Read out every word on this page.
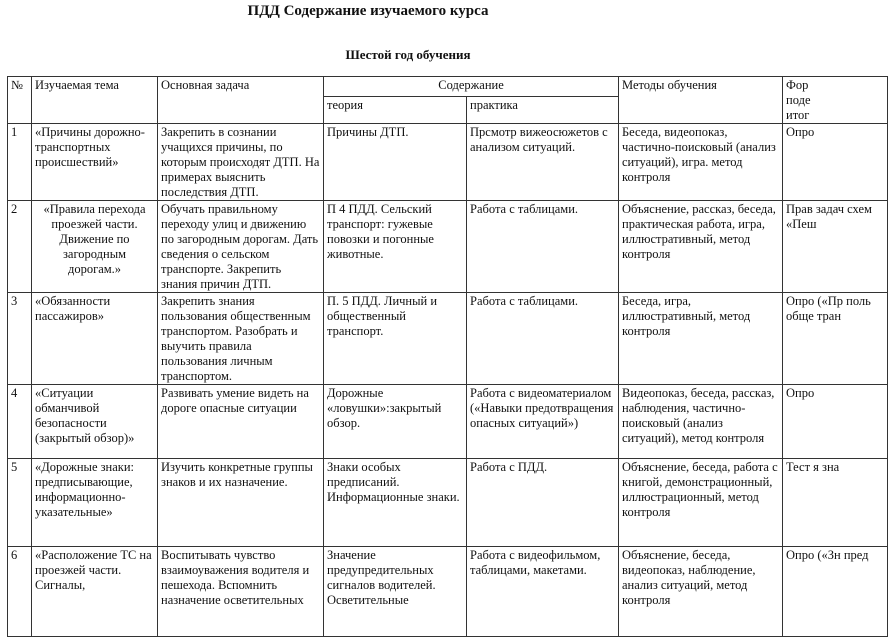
ПДД Содержание изучаемого курса
Шестой год обучения
№	Изучаемая тема	Основная задача	Содержание		Методы обучения	Фор
поде
итог

			теория	практика		
1	«Причины дорожно-транспортных происшествий»	Закрепить в сознании учащихся причины, по которым происходят ДТП. На примерах выяснить последствия ДТП.	Причины ДТП.	Прсмотр вижеосюжетов с анализом ситуаций.	Беседа, видеопоказ, частично-поисковый (анализ ситуаций), игра. метод контроля	Опро
2	«Правила перехода проезжей части. Движение по загородным дорогам.»	Обучать правильному переходу улиц и движению по загородным дорогам. Дать сведения о сельском транспорте. Закрепить знания причин ДТП.	П 4 ПДД. Сельский транспорт: гужевые повозки и погонные животные.	Работа с таблицами.	Объяснение, рассказ, беседа, практическая работа, игра, иллюстративный, метод контроля	Прав задач схем «Пеш
3	«Обязанности пассажиров»	Закрепить знания пользования общественным транспортом. Разобрать и выучить правила пользования личным транспортом.	П. 5 ПДД. Личный и общественный транспорт.	Работа с таблицами.	Беседа, игра, иллюстративный, метод контроля	Опро («Пр поль обще тран
4	«Ситуации обманчивой безопасности (закрытый обзор)»	Развивать умение видеть на дороге опасные ситуации	Дорожные «ловушки»:закрытый обзор.	Работа с видеоматериалом («Навыки предотвращения опасных ситуаций»)	Видеопоказ, беседа, рассказ, наблюдения, частично-поисковый (анализ ситуаций), метод контроля	Опро
5	«Дорожные знаки: предписывающие, информационно-указательные»	Изучить конкретные группы знаков и их назначение.	Знаки особых предписаний. Информационные знаки.	Работа с ПДД.	Объяснение, беседа, работа с книгой, демонстрационный, иллюстрационный, метод контроля	Тест я зна
6	«Расположение ТС на проезжей части. Сигналы,	Воспитывать чувство взаимоуважения водителя и пешехода. Вспомнить назначение осветительных	Значение предупредительных сигналов водителей. Осветительные	Работа с видеофильмом, таблицами, макетами.	Объяснение, беседа, видеопоказ, наблюдение, анализ ситуаций, метод контроля	Опро («Зн пред
